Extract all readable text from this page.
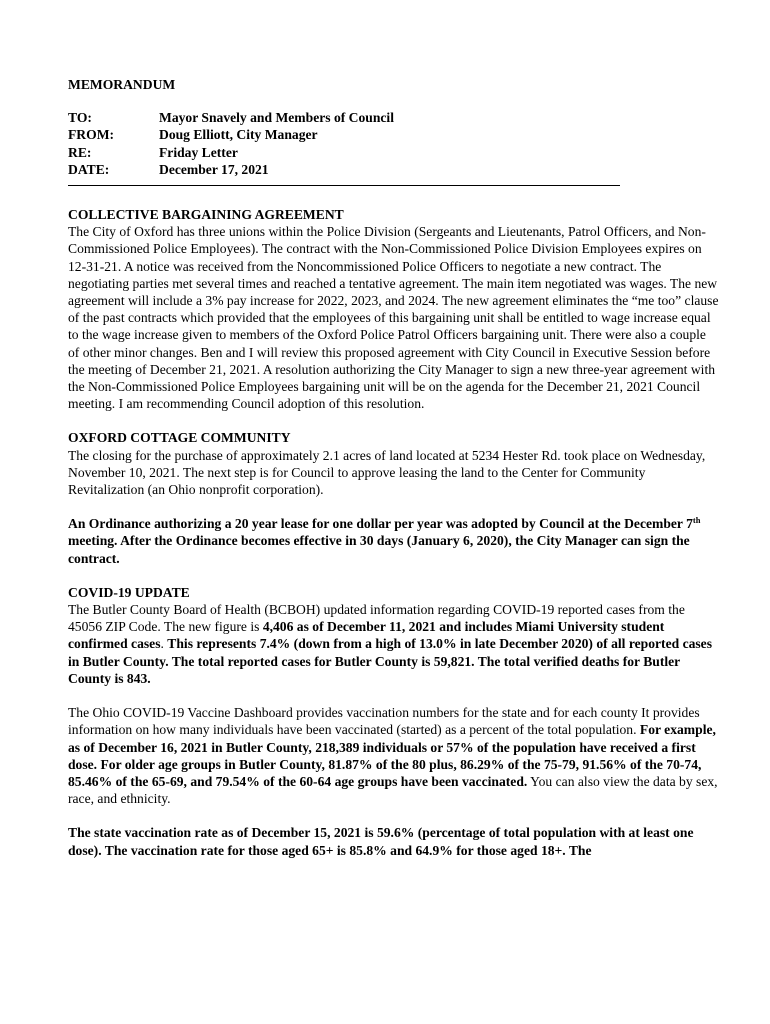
MEMORANDUM

TO:	Mayor Snavely and Members of Council
FROM:	Doug Elliott, City Manager
RE:	Friday Letter
DATE:	December 17, 2021

COLLECTIVE BARGAINING AGREEMENT

The City of Oxford has three unions within the Police Division (Sergeants and Lieutenants, Patrol Officers, and Non-Commissioned Police Employees). The contract with the Non-Commissioned Police Division Employees expires on 12-31-21. A notice was received from the Noncommissioned Police Officers to negotiate a new contract. The negotiating parties met several times and reached a tentative agreement. The main item negotiated was wages. The new agreement will include a 3% pay increase for 2022, 2023, and 2024. The new agreement eliminates the “me too” clause of the past contracts which provided that the employees of this bargaining unit shall be entitled to wage increase equal to the wage increase given to members of the Oxford Police Patrol Officers bargaining unit. There were also a couple of other minor changes. Ben and I will review this proposed agreement with City Council in Executive Session before the meeting of December 21, 2021. A resolution authorizing the City Manager to sign a new three-year agreement with the Non-Commissioned Police Employees bargaining unit will be on the agenda for the December 21, 2021 Council meeting. I am recommending Council adoption of this resolution.

OXFORD COTTAGE COMMUNITY

The closing for the purchase of approximately 2.1 acres of land located at 5234 Hester Rd. took place on Wednesday, November 10, 2021. The next step is for Council to approve leasing the land to the Center for Community Revitalization (an Ohio nonprofit corporation).

An Ordinance authorizing a 20 year lease for one dollar per year was adopted by Council at the December 7th meeting. After the Ordinance becomes effective in 30 days (January 6, 2020), the City Manager can sign the contract.

COVID-19 UPDATE

The Butler County Board of Health (BCBOH) updated information regarding COVID-19 reported cases from the 45056 ZIP Code. The new figure is 4,406 as of December 11, 2021 and includes Miami University student confirmed cases. This represents 7.4% (down from a high of 13.0% in late December 2020) of all reported cases in Butler County. The total reported cases for Butler County is 59,821. The total verified deaths for Butler County is 843.

The Ohio COVID-19 Vaccine Dashboard provides vaccination numbers for the state and for each county It provides information on how many individuals have been vaccinated (started) as a percent of the total population. For example, as of December 16, 2021 in Butler County, 218,389 individuals or 57% of the population have received a first dose. For older age groups in Butler County, 81.87% of the 80 plus, 86.29% of the 75-79, 91.56% of the 70-74, 85.46% of the 65-69, and 79.54% of the 60-64 age groups have been vaccinated. You can also view the data by sex, race, and ethnicity.

The state vaccination rate as of December 15, 2021 is 59.6% (percentage of total population with at least one dose). The vaccination rate for those aged 65+ is 85.8% and 64.9% for those aged 18+. The
